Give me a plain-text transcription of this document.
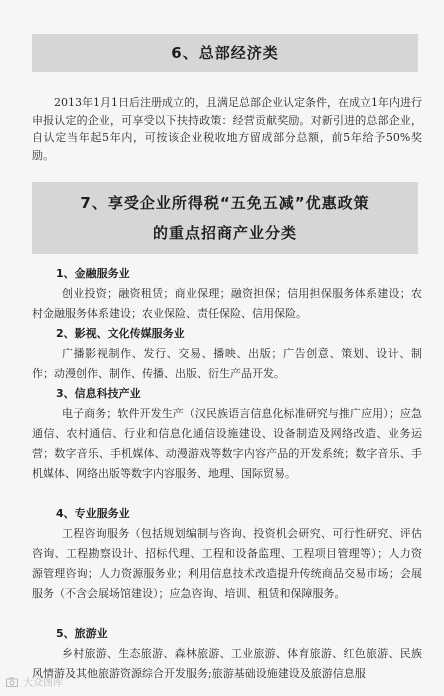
6、总部经济类

2013年1月1日后注册成立的，且满足总部企业认定条件，在成立1年内进行申报认定的企业，可享受以下扶持政策：经营贡献奖励。对新引进的总部企业，自认定当年起5年内，可按该企业税收地方留成部分总额，前5年给予50%奖励。

7、享受企业所得税“五免五减”优惠政策
的重点招商产业分类
1、金融服务业

创业投资；融资租赁；商业保理；融资担保；信用担保服务体系建设；农村金融服务体系建设；农业保险、责任保险、信用保险。

2、影视、文化传媒服务业

广播影视制作、发行、交易、播映、出版；广告创意、策划、设计、制作；动漫创作、制作、传播、出版、衍生产品开发。

3、信息科技产业

电子商务；软件开发生产（汉民族语言信息化标准研究与推广应用）；应急通信、农村通信、行业和信息化通信设施建设、设备制造及网络改造、业务运营；数字音乐、手机媒体、动漫游戏等数字内容产品的开发系统；数字音乐、手机媒体、网络出版等数字内容服务、地理、国际贸易。

4、专业服务业

工程咨询服务（包括规划编制与咨询、投资机会研究、可行性研究、评估咨询、工程勘察设计、招标代理、工程和设备监理、工程项目管理等）；人力资源管理咨询；人力资源服务业；利用信息技术改造提升传统商品交易市场；会展服务（不含会展场馆建设）；应急咨询、培训、租赁和保障服务。

5、旅游业

乡村旅游、生态旅游、森林旅游、工业旅游、体育旅游、红色旅游、民族风情游及其他旅游资源综合开发服务;旅游基础设施建设及旅游信息服

大众图库
